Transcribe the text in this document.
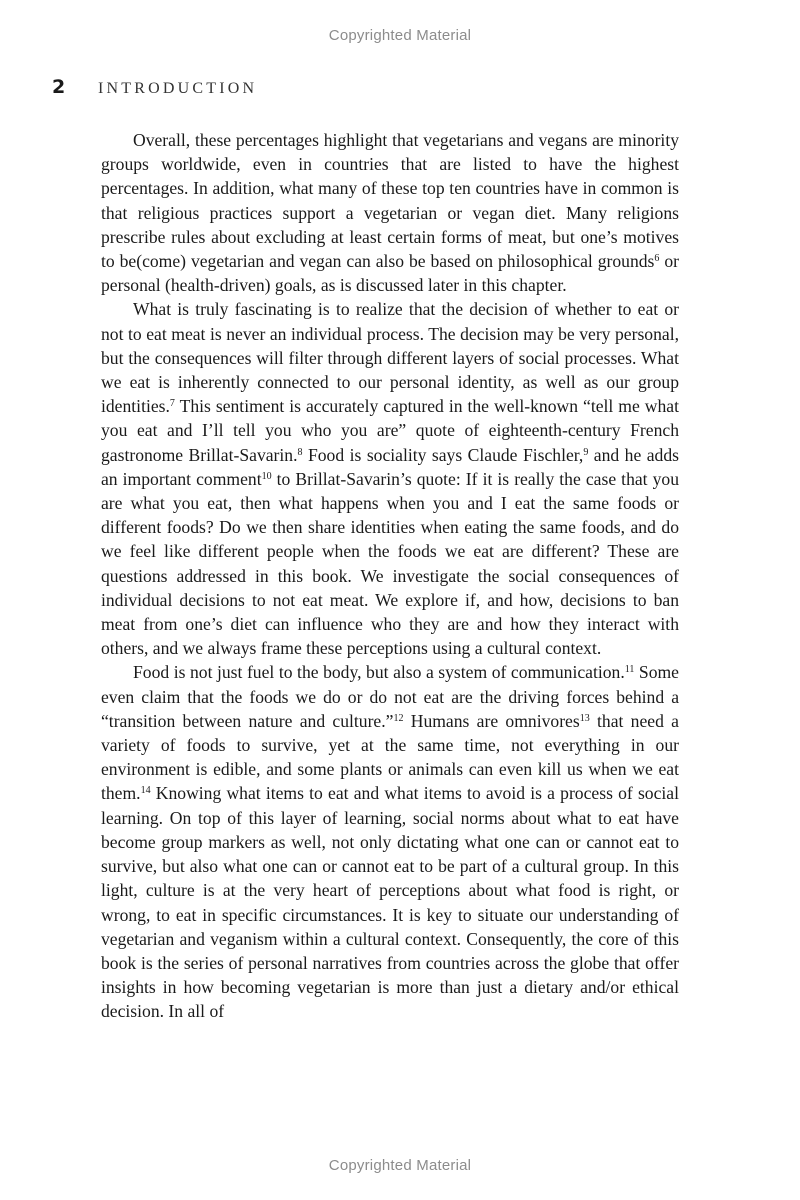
Copyrighted Material
2	INTRODUCTION

Overall, these percentages highlight that vegetarians and vegans are minority groups worldwide, even in countries that are listed to have the highest percentages. In addition, what many of these top ten countries have in common is that religious practices support a vegetarian or vegan diet. Many religions prescribe rules about excluding at least certain forms of meat, but one’s motives to be(come) vegetarian and vegan can also be based on philosophical grounds$^6$ or personal (health-driven) goals, as is discussed later in this chapter.

What is truly fascinating is to realize that the decision of whether to eat or not to eat meat is never an individual process. The decision may be very personal, but the consequences will filter through different layers of social processes. What we eat is inherently connected to our personal identity, as well as our group identities.$^7$ This sentiment is accurately captured in the well-known “tell me what you eat and I’ll tell you who you are” quote of eighteenth-century French gastronome Brillat-Savarin.$^8$ Food is sociality says Claude Fischler,$^9$ and he adds an important comment$^{10}$ to Brillat-Savarin’s quote: If it is really the case that you are what you eat, then what happens when you and I eat the same foods or different foods? Do we then share identities when eating the same foods, and do we feel like different people when the foods we eat are different? These are questions addressed in this book. We investigate the social consequences of individual decisions to not eat meat. We explore if, and how, decisions to ban meat from one’s diet can influence who they are and how they interact with others, and we always frame these perceptions using a cultural context.

Food is not just fuel to the body, but also a system of communication.$^{11}$ Some even claim that the foods we do or do not eat are the driving forces behind a “transition between nature and culture.”$^{12}$ Humans are omnivores$^{13}$ that need a variety of foods to survive, yet at the same time, not everything in our environment is edible, and some plants or animals can even kill us when we eat them.$^{14}$ Knowing what items to eat and what items to avoid is a process of social learning. On top of this layer of learning, social norms about what to eat have become group markers as well, not only dictating what one can or cannot eat to survive, but also what one can or cannot eat to be part of a cultural group. In this light, culture is at the very heart of perceptions about what food is right, or wrong, to eat in specific circumstances. It is key to situate our understanding of vegetarian and veganism within a cultural context. Consequently, the core of this book is the series of personal narratives from countries across the globe that offer insights in how becoming vegetarian is more than just a dietary and/or ethical decision. In all of

Copyrighted Material
